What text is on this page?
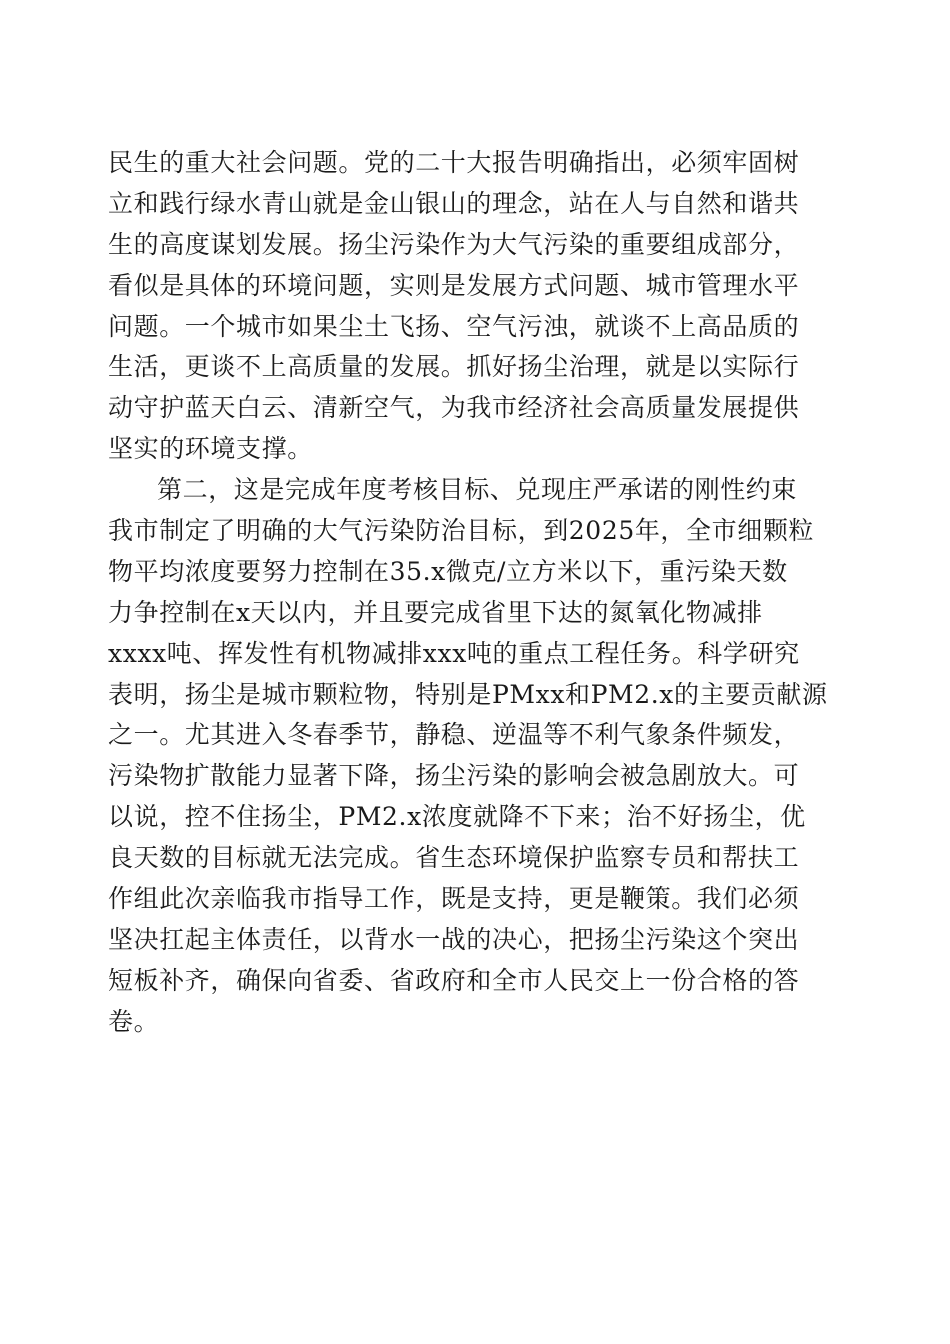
民生的重大社会问题。党的二十大报告明确指出，必须牢固树
立和践行绿水青山就是金山银山的理念，站在人与自然和谐共
生的高度谋划发展。扬尘污染作为大气污染的重要组成部分，
看似是具体的环境问题，实则是发展方式问题、城市管理水平
问题。一个城市如果尘土飞扬、空气污浊，就谈不上高品质的
生活，更谈不上高质量的发展。抓好扬尘治理，就是以实际行
动守护蓝天白云、清新空气，为我市经济社会高质量发展提供
坚实的环境支撑。
第二，这是完成年度考核目标、兑现庄严承诺的刚性约束
我市制定了明确的大气污染防治目标，到2025年，全市细颗粒
物平均浓度要努力控制在35.x微克/立方米以下，重污染天数
力争控制在x天以内，并且要完成省里下达的氮氧化物减排
xxxx吨、挥发性有机物减排xxx吨的重点工程任务。科学研究
表明，扬尘是城市颗粒物，特别是PMxx和PM2.x的主要贡献源
之一。尤其进入冬春季节，静稳、逆温等不利气象条件频发，
污染物扩散能力显著下降，扬尘污染的影响会被急剧放大。可
以说，控不住扬尘，PM2.x浓度就降不下来；治不好扬尘，优
良天数的目标就无法完成。省生态环境保护监察专员和帮扶工
作组此次亲临我市指导工作，既是支持，更是鞭策。我们必须
坚决扛起主体责任，以背水一战的决心，把扬尘污染这个突出
短板补齐，确保向省委、省政府和全市人民交上一份合格的答
卷。
